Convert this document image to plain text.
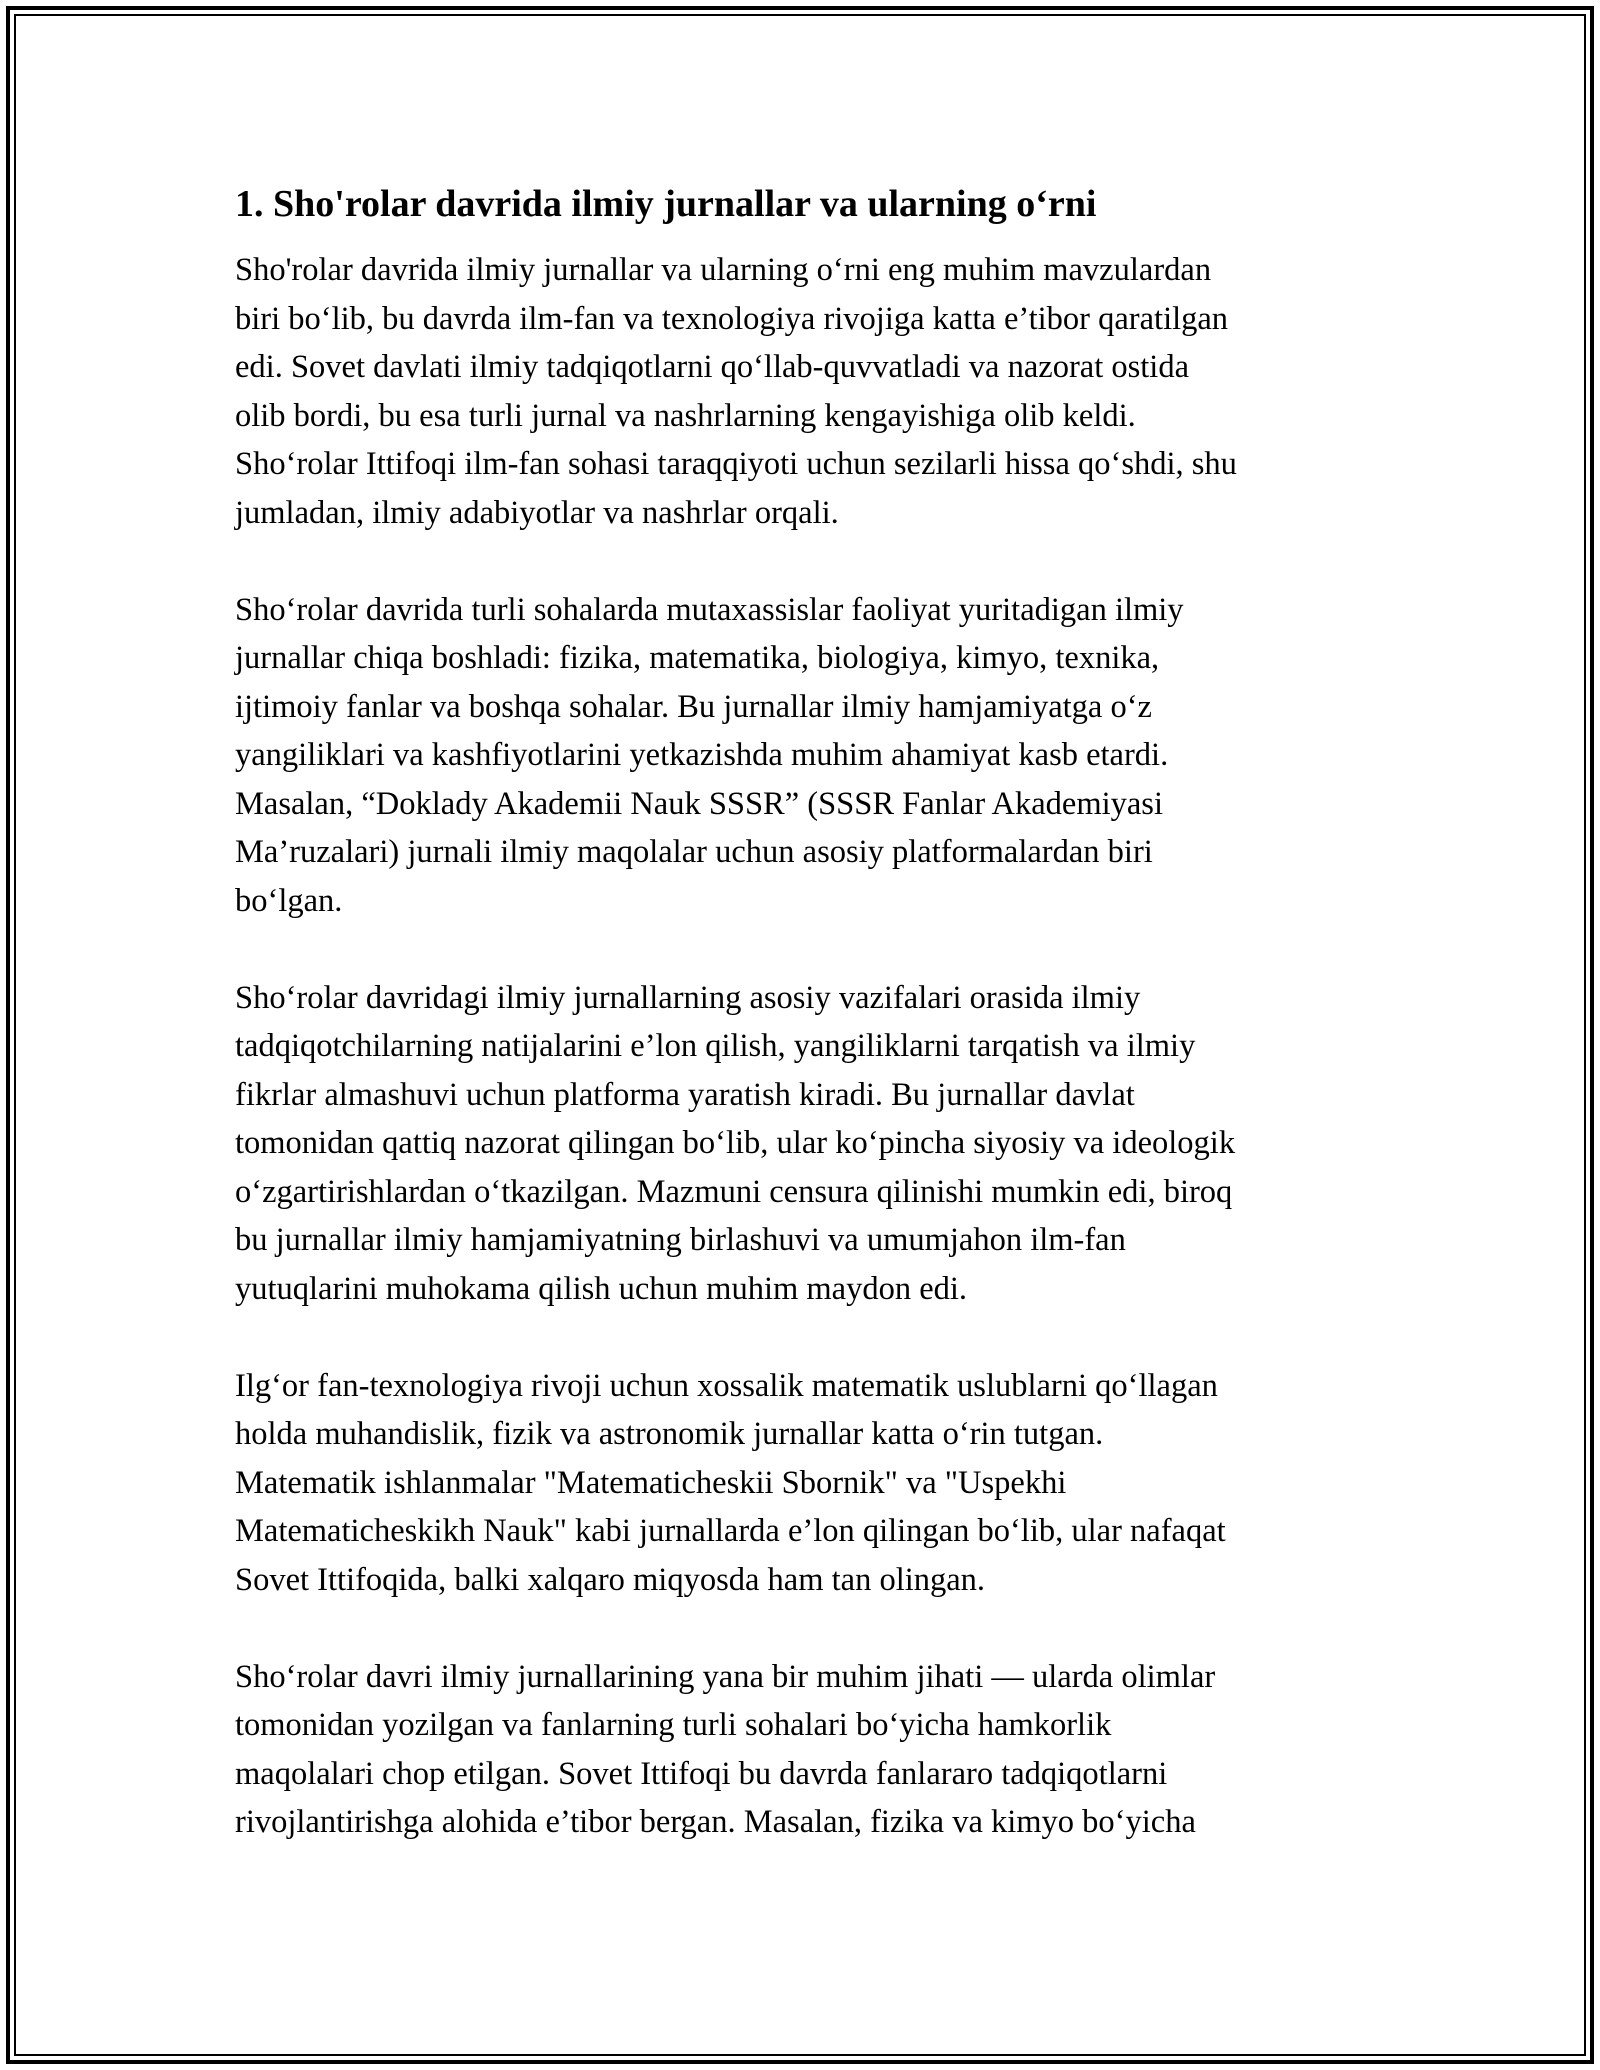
1. Sho'rolar davrida ilmiy jurnallar va ularning o‘rni

Sho'rolar davrida ilmiy jurnallar va ularning o‘rni eng muhim mavzulardan
biri bo‘lib, bu davrda ilm-fan va texnologiya rivojiga katta e’tibor qaratilgan
edi. Sovet davlati ilmiy tadqiqotlarni qo‘llab-quvvatladi va nazorat ostida
olib bordi, bu esa turli jurnal va nashrlarning kengayishiga olib keldi.
Sho‘rolar Ittifoqi ilm-fan sohasi taraqqiyoti uchun sezilarli hissa qo‘shdi, shu
jumladan, ilmiy adabiyotlar va nashrlar orqali.

Sho‘rolar davrida turli sohalarda mutaxassislar faoliyat yuritadigan ilmiy
jurnallar chiqa boshladi: fizika, matematika, biologiya, kimyo, texnika,
ijtimoiy fanlar va boshqa sohalar. Bu jurnallar ilmiy hamjamiyatga o‘z
yangiliklari va kashfiyotlarini yetkazishda muhim ahamiyat kasb etardi.
Masalan, “Doklady Akademii Nauk SSSR” (SSSR Fanlar Akademiyasi
Ma’ruzalari) jurnali ilmiy maqolalar uchun asosiy platformalardan biri
bo‘lgan.

Sho‘rolar davridagi ilmiy jurnallarning asosiy vazifalari orasida ilmiy
tadqiqotchilarning natijalarini e’lon qilish, yangiliklarni tarqatish va ilmiy
fikrlar almashuvi uchun platforma yaratish kiradi. Bu jurnallar davlat
tomonidan qattiq nazorat qilingan bo‘lib, ular ko‘pincha siyosiy va ideologik
o‘zgartirishlardan o‘tkazilgan. Mazmuni censura qilinishi mumkin edi, biroq
bu jurnallar ilmiy hamjamiyatning birlashuvi va umumjahon ilm-fan
yutuqlarini muhokama qilish uchun muhim maydon edi.

Ilg‘or fan-texnologiya rivoji uchun xossalik matematik uslublarni qo‘llagan
holda muhandislik, fizik va astronomik jurnallar katta o‘rin tutgan.
Matematik ishlanmalar "Matematicheskii Sbornik" va "Uspekhi
Matematicheskikh Nauk" kabi jurnallarda e’lon qilingan bo‘lib, ular nafaqat
Sovet Ittifoqida, balki xalqaro miqyosda ham tan olingan.

Sho‘rolar davri ilmiy jurnallarining yana bir muhim jihati — ularda olimlar
tomonidan yozilgan va fanlarning turli sohalari bo‘yicha hamkorlik
maqolalari chop etilgan. Sovet Ittifoqi bu davrda fanlararo tadqiqotlarni
rivojlantirishga alohida e’tibor bergan. Masalan, fizika va kimyo bo‘yicha
